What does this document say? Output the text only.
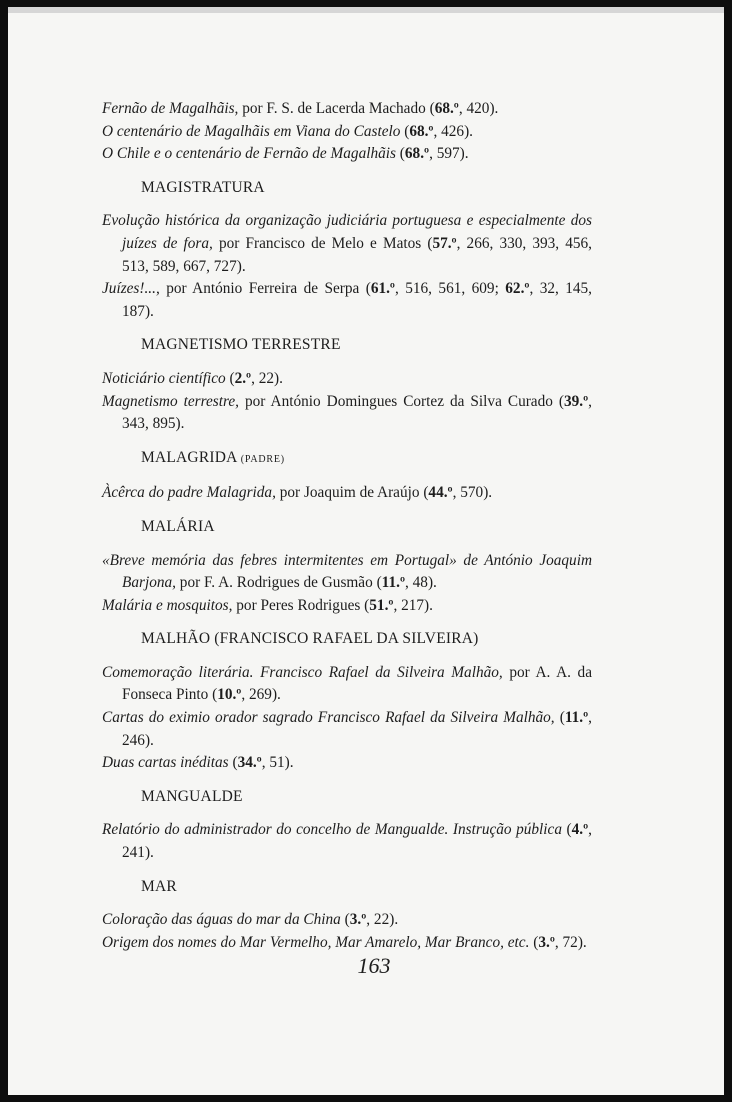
Fernão de Magalhãis, por F. S. de Lacerda Machado (68.º, 420).

O centenário de Magalhãis em Viana do Castelo (68.º, 426).

O Chile e o centenário de Fernão de Magalhãis (68.º, 597).

MAGISTRATURA

Evolução histórica da organização judiciária portuguesa e especialmente dos juízes de fora, por Francisco de Melo e Matos (57.º, 266, 330, 393, 456, 513, 589, 667, 727).

Juízes!..., por António Ferreira de Serpa (61.º, 516, 561, 609; 62.º, 32, 145, 187).

MAGNETISMO TERRESTRE

Noticiário científico (2.º, 22).

Magnetismo terrestre, por António Domingues Cortez da Silva Curado (39.º, 343, 895).

MALAGRIDA (PADRE)

Àcêrca do padre Malagrida, por Joaquim de Araújo (44.º, 570).

MALÁRIA

«Breve memória das febres intermitentes em Portugal» de António Joaquim Barjona, por F. A. Rodrigues de Gusmão (11.º, 48).

Malária e mosquitos, por Peres Rodrigues (51.º, 217).

MALHÃO (FRANCISCO RAFAEL DA SILVEIRA)

Comemoração literária. Francisco Rafael da Silveira Malhão, por A. A. da Fonseca Pinto (10.º, 269).

Cartas do eximio orador sagrado Francisco Rafael da Silveira Malhão, (11.º, 246).

Duas cartas inéditas (34.º, 51).

MANGUALDE

Relatório do administrador do concelho de Mangualde. Instrução pública (4.º, 241).

MAR

Coloração das águas do mar da China (3.º, 22).

Origem dos nomes do Mar Vermelho, Mar Amarelo, Mar Branco, etc. (3.º, 72).

163
